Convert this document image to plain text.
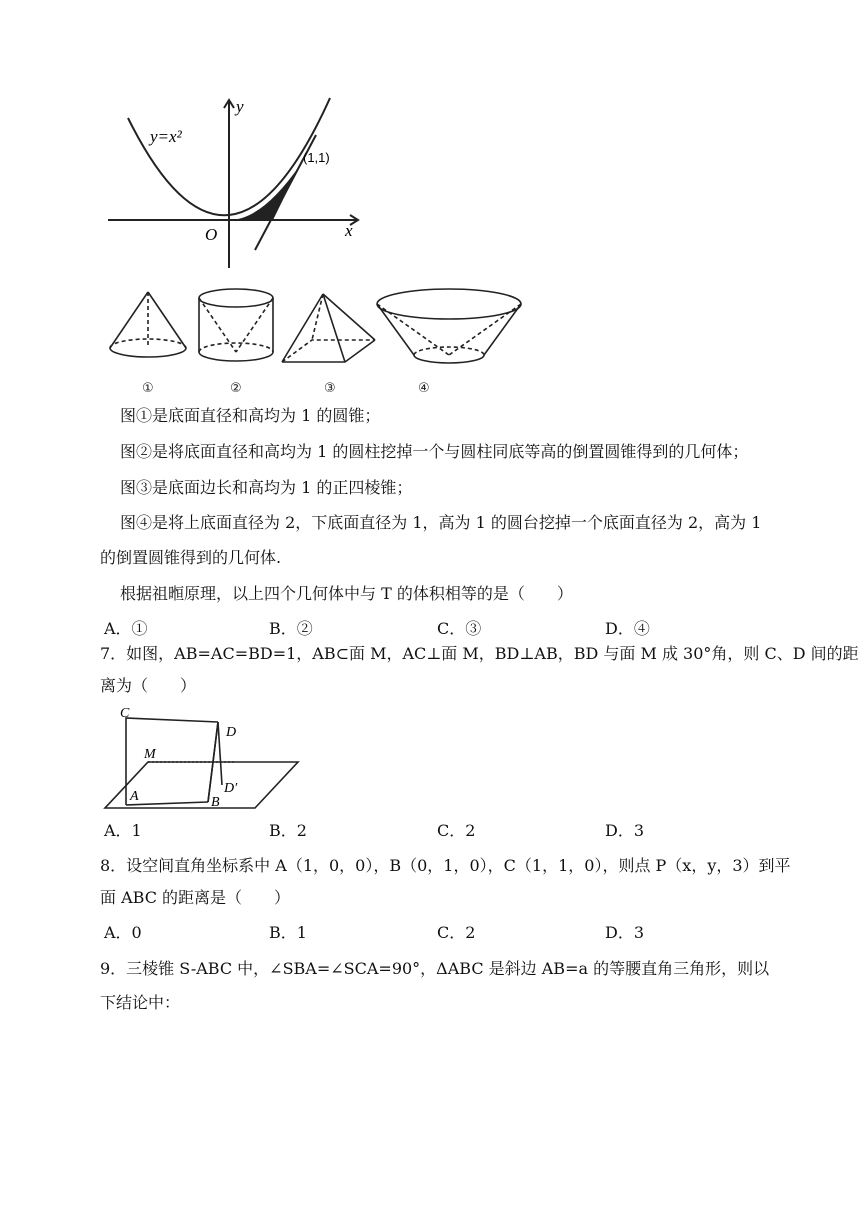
y=x²
y
x
O
(1,1)
①	②	③	④
图①是底面直径和高均为 1 的圆锥；
图②是将底面直径和高均为 1 的圆柱挖掉一个与圆柱同底等高的倒置圆锥得到的几何体；
图③是底面边长和高均为 1 的正四棱锥；
图④是将上底面直径为 2，下底面直径为 1，高为 1 的圆台挖掉一个底面直径为 2，高为 1
的倒置圆锥得到的几何体.
根据祖暅原理，以上四个几何体中与 T 的体积相等的是（　　）
A．①	B．②	C．③	D．④
7．如图，AB=AC=BD=1，AB⊂面 M，AC⊥面 M，BD⊥AB，BD 与面 M 成 30°角，则 C、D 间的距
离为（　　）
C
D
M
A	B
D′
A．1	B．2	C．2	D．3
8．设空间直角坐标系中 A（1，0，0），B（0，1，0），C（1，1，0），则点 P（x，y，3）到平
面 ABC 的距离是（　　）
A．0	B．1	C．2	D．3
9．三棱锥 S-ABC 中，∠SBA=∠SCA=90°，ΔABC 是斜边 AB=a 的等腰直角三角形，则以
下结论中：
